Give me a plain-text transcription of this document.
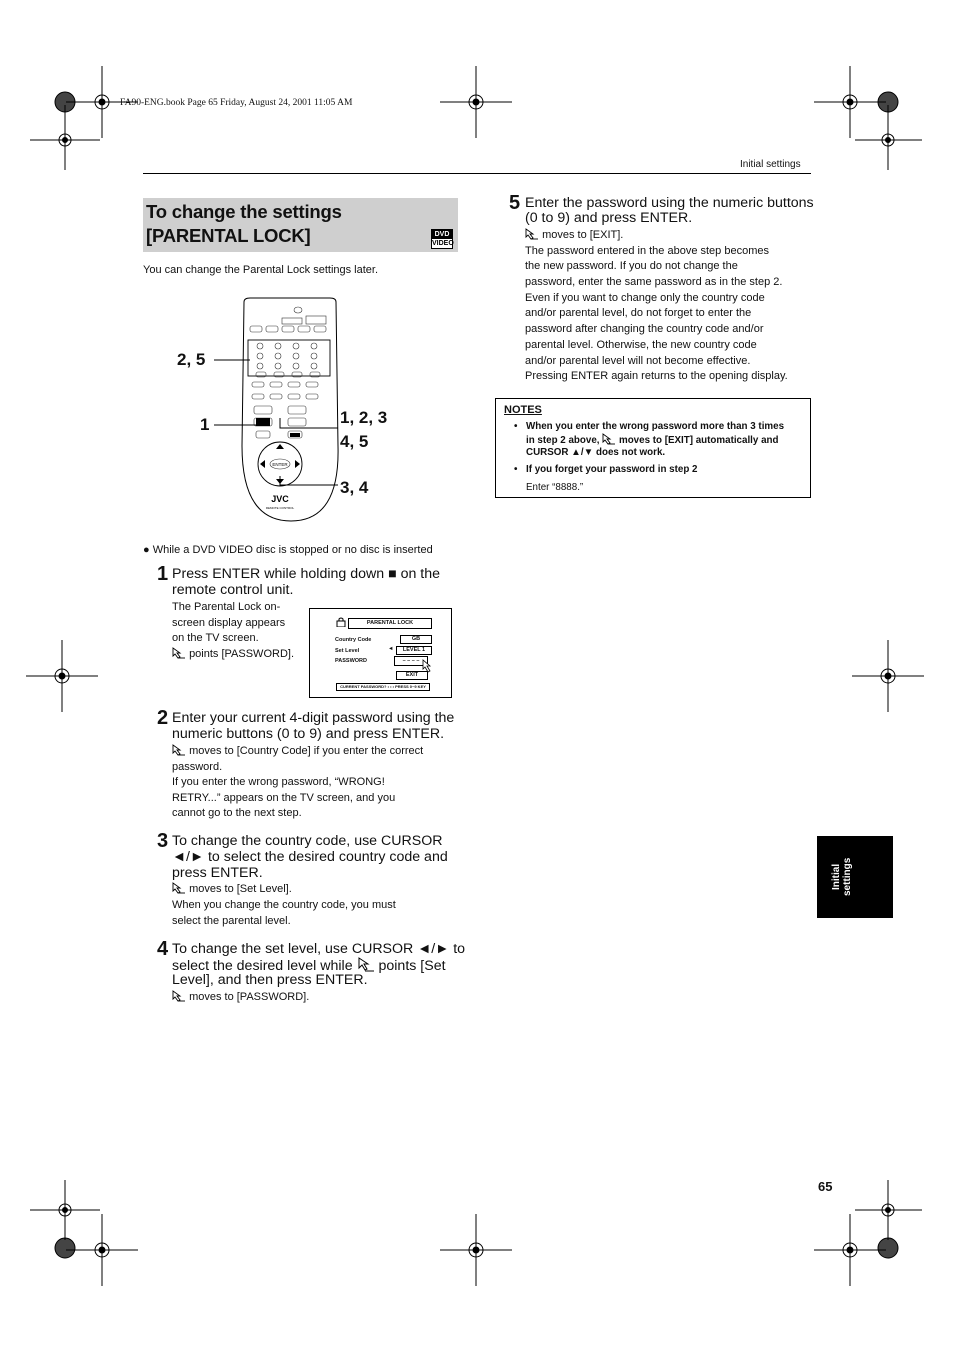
FA90-ENG.book Page 65 Friday, August 24, 2001 11:05 AM
Initial settings
To change the settings
[PARENTAL LOCK]	DVD
VIDEO
You can change the Parental Lock settings later.
ENTER
JVC
REMOTE CONTROL
2, 5
1	1, 2, 3
4, 5
3, 4
● While a DVD VIDEO disc is stopped or no disc is inserted
1 Press ENTER while holding down ■ on the
remote control unit.
The Parental Lock on-
screen display appears
on the TV screen.
points [PASSWORD].
PARENTAL LOCK
Country Code	GB
Set Level	◄	LEVEL 1
PASSWORD	– – – –
EXIT
CURRENT PASSWORD? • • • PRESS 0~9 KEY
2 Enter your current 4-digit password using the
numeric buttons (0 to 9) and press ENTER.
moves to [Country Code] if you enter the correct
password.
If you enter the wrong password, “WRONG!
RETRY...” appears on the TV screen, and you
cannot go to the next step.
3 To change the country code, use CURSOR
◄/► to select the desired country code and
press ENTER.
moves to [Set Level].
When you change the country code, you must
select the parental level.
4 To change the set level, use CURSOR ◄/► to
select the desired level while points [Set
Level], and then press ENTER.
moves to [PASSWORD].
5 Enter the password using the numeric buttons
(0 to 9) and press ENTER.
moves to [EXIT].
The password entered in the above step becomes
the new password. If you do not change the
password, enter the same password as in the step 2.
Even if you want to change only the country code
and/or parental level, do not forget to enter the
password after changing the country code and/or
parental level. Otherwise, the new country code
and/or parental level will not become effective.
Pressing ENTER again returns to the opening display.
NOTES
• When you enter the wrong password more than 3 times
in step 2 above, moves to [EXIT] automatically and
CURSOR ▲/▼ does not work.
• If you forget your password in step 2
Enter “8888.”
Initial settings
65
